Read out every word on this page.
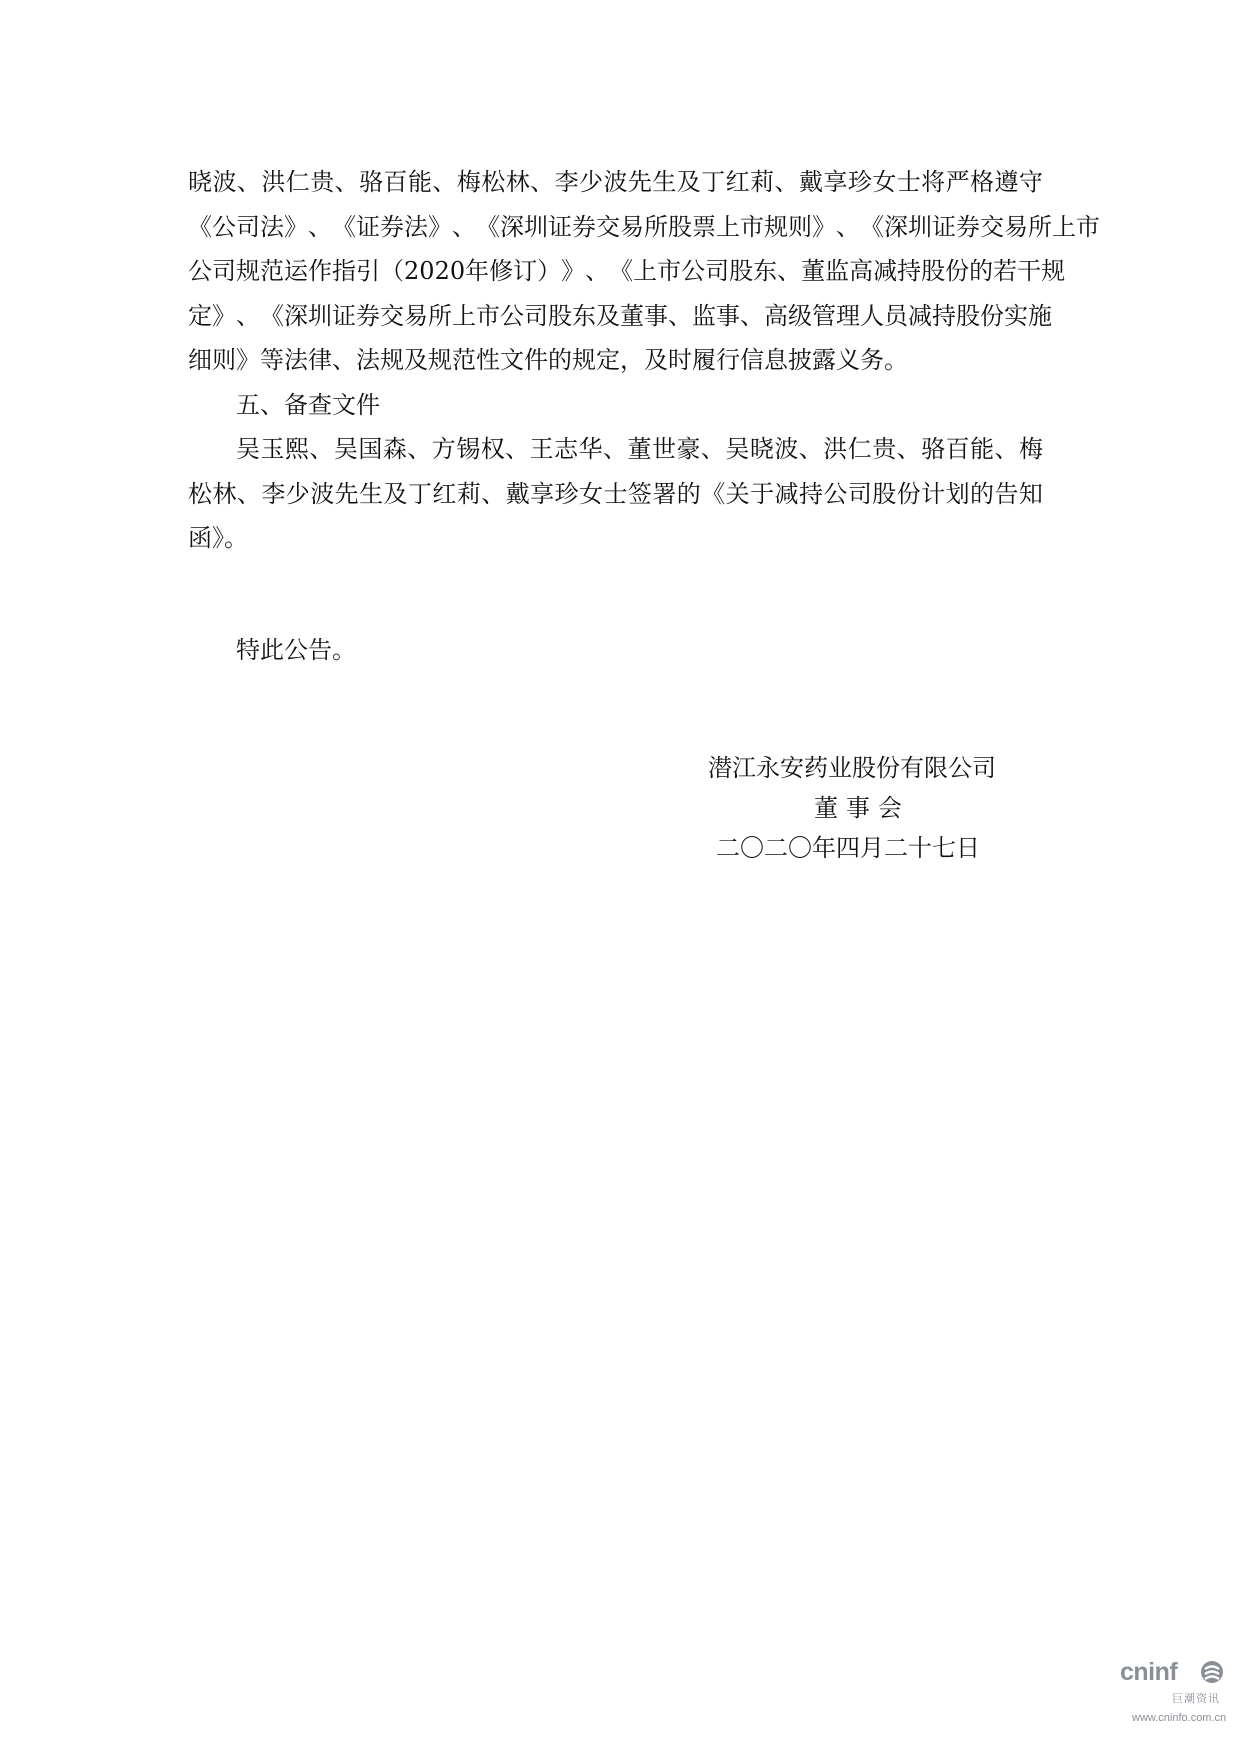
晓 波 、 洪 仁 贵 、 骆 百 能 、 梅 松 林 、 李 少 波 先 生 及 丁 红 莉 、 戴 享 珍 女 士 将 严 格 遵 守
《 公 司 法 》 、 《 证 券 法 》 、 《 深 圳 证 券 交 易 所 股 票 上 市 规 则 》 、 《 深 圳 证 券 交 易 所 上 市
公 司 规 范 运 作 指 引 （ 2 0 2 0 年 修 订 ） 》 、 《 上 市 公 司 股 东 、 董 监 高 减 持 股 份 的 若 干 规
定 》 、 《 深 圳 证 券 交 易 所 上 市 公 司 股 东 及 董 事 、 监 事 、 高 级 管 理 人 员 减 持 股 份 实 施
细则》等法律、法规及规范性文件的规定，及时履行信息披露义务。

五、备查文件

吴 玉 熙 、 吴 国 森 、 方 锡 权 、 王 志 华 、 董 世 豪 、 吴 晓 波 、 洪 仁 贵 、 骆 百 能 、 梅
松 林 、 李 少 波 先 生 及 丁 红 莉 、 戴 享 珍 女 士 签 署 的 《 关 于 减 持 公 司 股 份 计 划 的 告 知
函》。

特此公告。
潜江永安药业股份有限公司
董事会
二〇二〇年四月二十七日
cninf
巨潮资讯
www.cninfo.com.cn
